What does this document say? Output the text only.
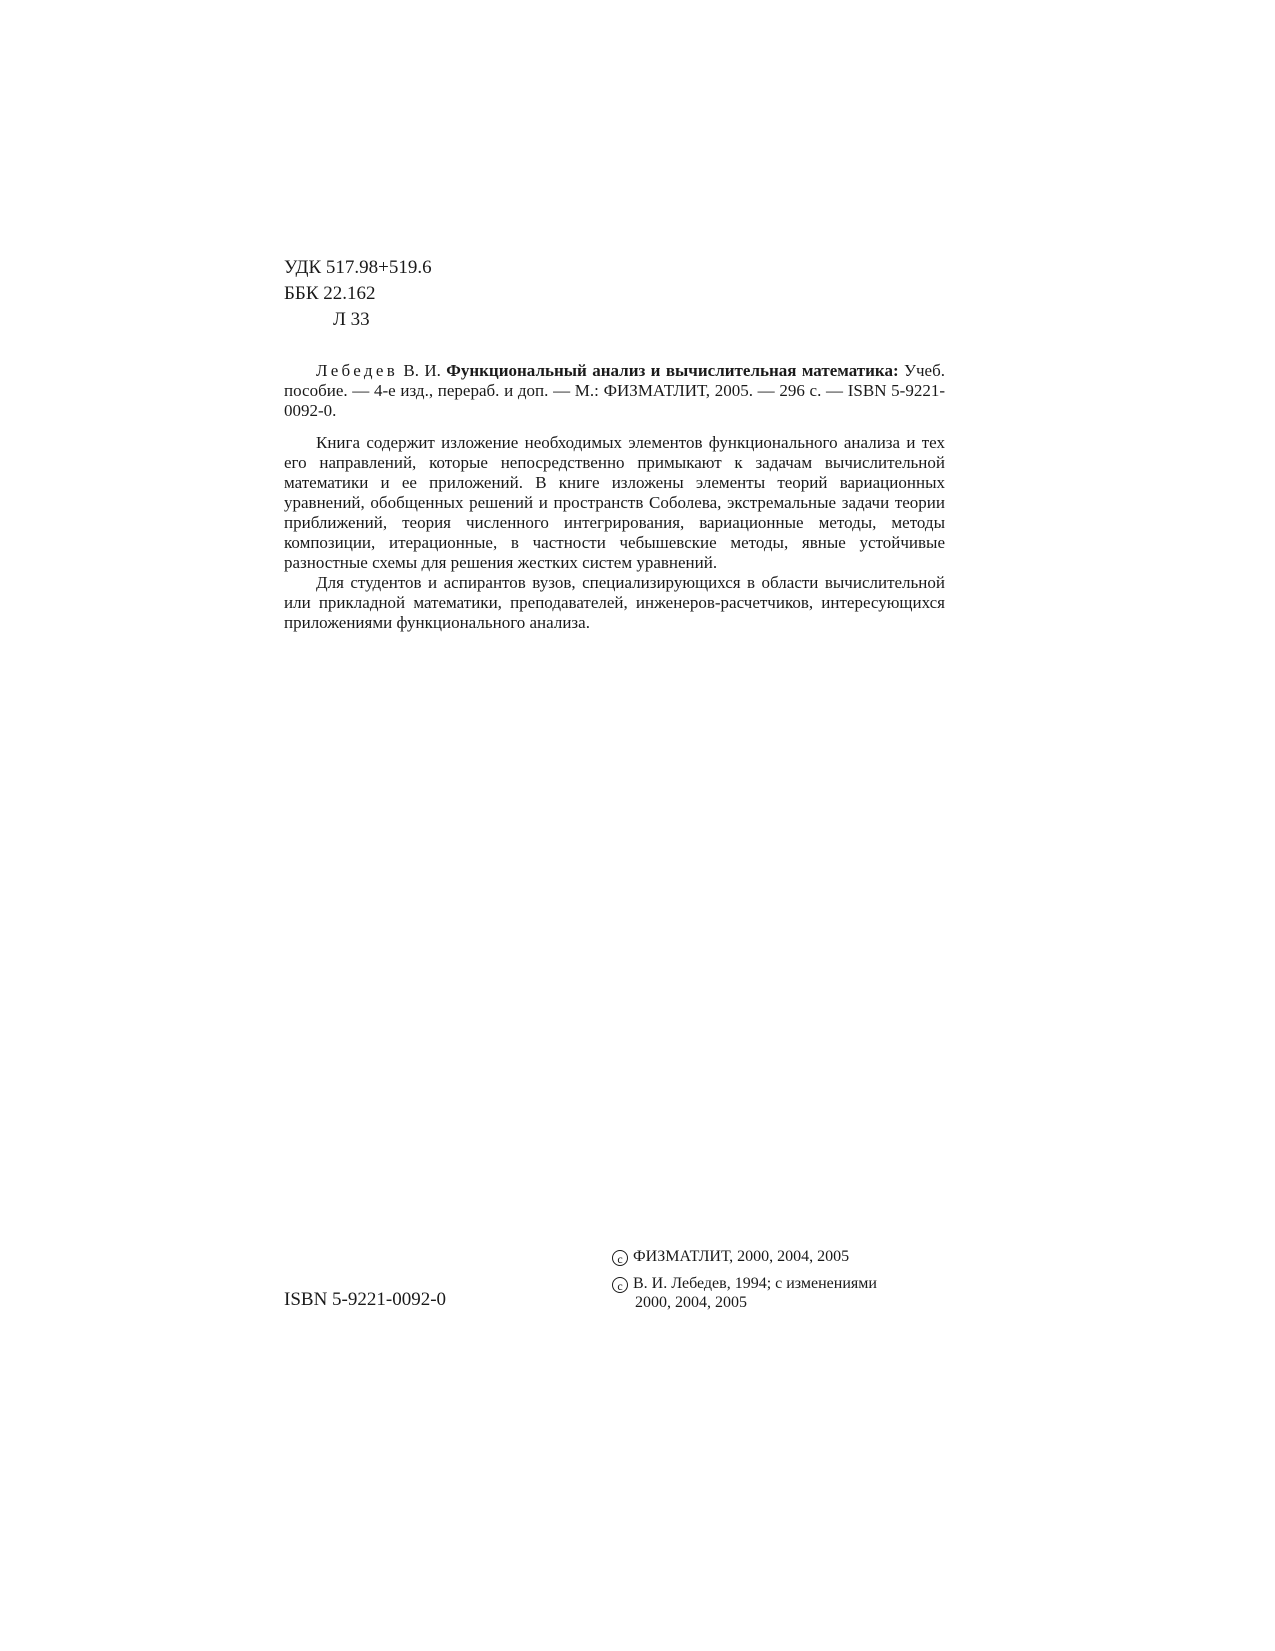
УДК 517.98+519.6
ББК 22.162
Л 33

Лебедев В. И. Функциональный анализ и вычислительная математика: Учеб. пособие. — 4-е изд., перераб. и доп. — М.: ФИЗМАТЛИТ, 2005. — 296 с. — ISBN 5-9221-0092-0.

Книга содержит изложение необходимых элементов функционального анализа и тех его направлений, которые непосредственно примыкают к задачам вычислительной математики и ее приложений. В книге изложены элементы теорий вариационных уравнений, обобщенных решений и пространств Соболева, экстремальные задачи теории приближений, теория численного интегрирования, вариационные методы, методы композиции, итерационные, в частности чебышевские методы, явные устойчивые разностные схемы для решения жестких систем уравнений.

Для студентов и аспирантов вузов, специализирующихся в области вычислительной или прикладной математики, преподавателей, инженеров-расчетчиков, интересующихся приложениями функционального анализа.

ISBN 5-9221-0092-0
c ФИЗМАТЛИТ, 2000, 2004, 2005
c В. И. Лебедев, 1994; с изменениями
2000, 2004, 2005
